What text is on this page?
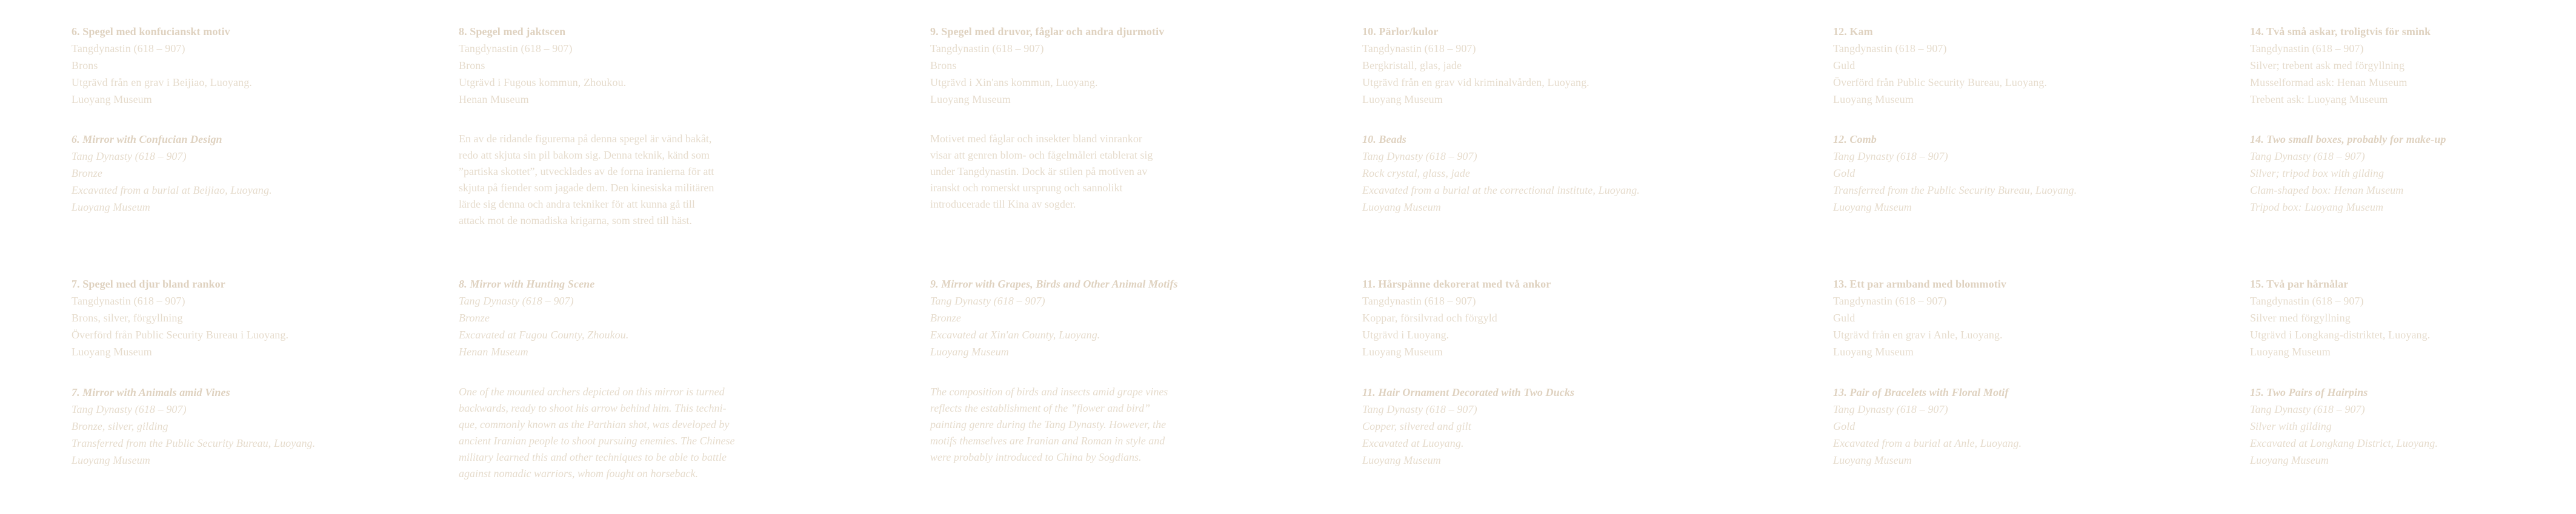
6. Spegel med konfucianskt motiv

Tangdynastin (618 – 907)

Brons

Utgrävd från en grav i Beijiao, Luoyang.

Luoyang Museum

6. Mirror with Confucian Design

Tang Dynasty (618 – 907)

Bronze

Excavated from a burial at Beijiao, Luoyang.

Luoyang Museum

7. Spegel med djur bland rankor

Tangdynastin (618 – 907)

Brons, silver, förgyllning

Överförd från Public Security Bureau i Luoyang.

Luoyang Museum

7. Mirror with Animals amid Vines

Tang Dynasty (618 – 907)

Bronze, silver, gilding

Transferred from the Public Security Bureau, Luoyang.

Luoyang Museum

8. Spegel med jaktscen

Tangdynastin (618 – 907)

Brons

Utgrävd i Fugous kommun, Zhoukou.

Henan Museum

En av de ridande figurerna på denna spegel är vänd bakåt,
redo att skjuta sin pil bakom sig. Denna teknik, känd som
”partiska skottet”, utvecklades av de forna iranierna för att
skjuta på fiender som jagade dem. Den kinesiska militären
lärde sig denna och andra tekniker för att kunna gå till
attack mot de nomadiska krigarna, som stred till häst.

8. Mirror with Hunting Scene

Tang Dynasty (618 – 907)

Bronze

Excavated at Fugou County, Zhoukou.

Henan Museum

One of the mounted archers depicted on this mirror is turned
backwards, ready to shoot his arrow behind him. This techni-
que, commonly known as the Parthian shot, was developed by
ancient Iranian people to shoot pursuing enemies. The Chinese
military learned this and other techniques to be able to battle
against nomadic warriors, whom fought on horseback.

9. Spegel med druvor, fåglar och andra djurmotiv

Tangdynastin (618 – 907)

Brons

Utgrävd i Xin'ans kommun, Luoyang.

Luoyang Museum

Motivet med fåglar och insekter bland vinrankor
visar att genren blom- och fågelmåleri etablerat sig
under Tangdynastin. Dock är stilen på motiven av
iranskt och romerskt ursprung och sannolikt
introducerade till Kina av sogder.

9. Mirror with Grapes, Birds and Other Animal Motifs

Tang Dynasty (618 – 907)

Bronze

Excavated at Xin'an County, Luoyang.

Luoyang Museum

The composition of birds and insects amid grape vines
reflects the establishment of the ”flower and bird”
painting genre during the Tang Dynasty. However, the
motifs themselves are Iranian and Roman in style and
were probably introduced to China by Sogdians.

10. Pärlor/kulor

Tangdynastin (618 – 907)

Bergkristall, glas, jade

Utgrävd från en grav vid kriminalvården, Luoyang.

Luoyang Museum

10. Beads

Tang Dynasty (618 – 907)

Rock crystal, glass, jade

Excavated from a burial at the correctional institute, Luoyang.

Luoyang Museum

11. Hårspänne dekorerat med två ankor

Tangdynastin (618 – 907)

Koppar, försilvrad och förgyld

Utgrävd i Luoyang.

Luoyang Museum

11. Hair Ornament Decorated with Two Ducks

Tang Dynasty (618 – 907)

Copper, silvered and gilt

Excavated at Luoyang.

Luoyang Museum

12. Kam

Tangdynastin (618 – 907)

Guld

Överförd från Public Security Bureau, Luoyang.

Luoyang Museum

12. Comb

Tang Dynasty (618 – 907)

Gold

Transferred from the Public Security Bureau, Luoyang.

Luoyang Museum

13. Ett par armband med blommotiv

Tangdynastin (618 – 907)

Guld

Utgrävd från en grav i Anle, Luoyang.

Luoyang Museum

13. Pair of Bracelets with Floral Motif

Tang Dynasty (618 – 907)

Gold

Excavated from a burial at Anle, Luoyang.

Luoyang Museum

14. Två små askar, troligtvis för smink

Tangdynastin (618 – 907)

Silver; trebent ask med förgyllning

Musselformad ask: Henan Museum

Trebent ask: Luoyang Museum

14. Two small boxes, probably for make-up

Tang Dynasty (618 – 907)

Silver; tripod box with gilding

Clam-shaped box: Henan Museum

Tripod box: Luoyang Museum

15. Två par hårnålar

Tangdynastin (618 – 907)

Silver med förgyllning

Utgrävd i Longkang-distriktet, Luoyang.

Luoyang Museum

15. Two Pairs of Hairpins

Tang Dynasty (618 – 907)

Silver with gilding

Excavated at Longkang District, Luoyang.

Luoyang Museum
